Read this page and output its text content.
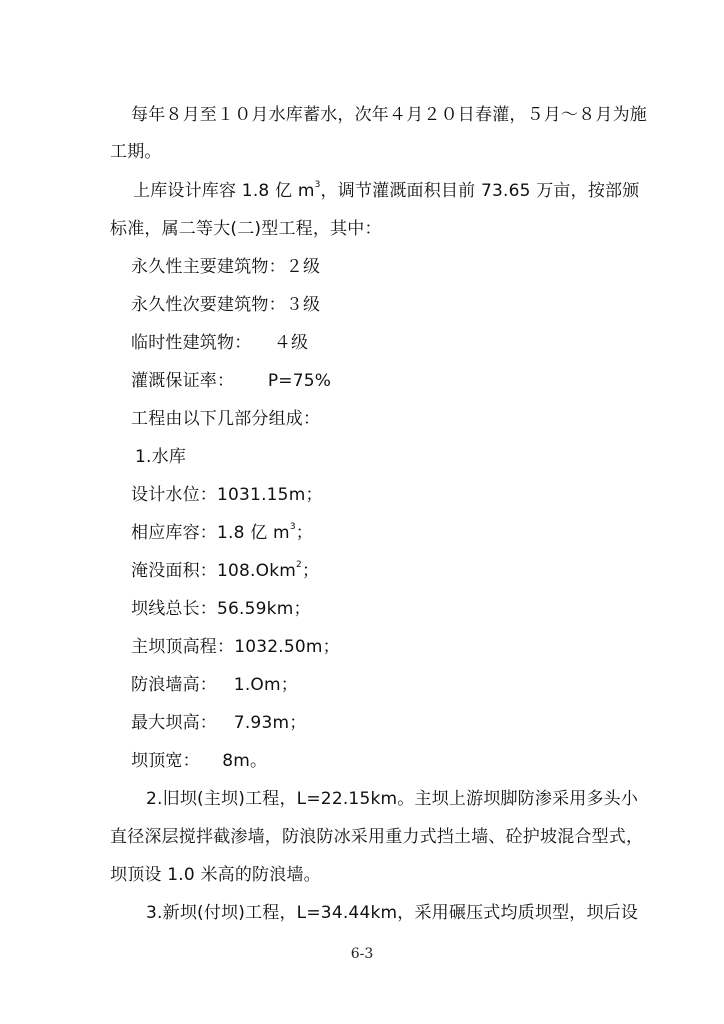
每年８月至１０月水库蓄水，次年４月２０日春灌，５月～８月为施
工期。
上库设计库容 1.8 亿 $m^3$，调节灌溉面积目前 73.65 万亩，按部颁
标准，属二等大(二)型工程，其中：
永久性主要建筑物：２级
永久性次要建筑物：３级
临时性建筑物：    ４级
灌溉保证率：      P=75%
工程由以下几部分组成：
1.水库
设计水位：1031.15m；
相应库容：1.8 亿 $m^3$；
淹没面积：108.Okm$^2$；
坝线总长：56.59km；
主坝顶高程：1032.50m；
防浪墙高：   1.Om；
最大坝高：   7.93m；
坝顶宽：    8m。
2.旧坝(主坝)工程，L=22.15km。主坝上游坝脚防渗采用多头小
直径深层搅拌截渗墙，防浪防冰采用重力式挡土墙、砼护坡混合型式，
坝顶设 1.0 米高的防浪墙。
3.新坝(付坝)工程，L=34.44km，采用碾压式均质坝型，坝后设
6-3
